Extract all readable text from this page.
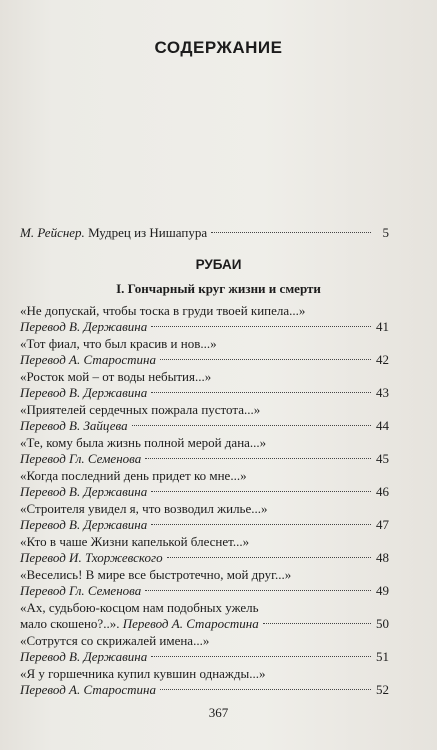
СОДЕРЖАНИЕ
М. Рейснер. Мудрец из Нишапура	5
РУБАИ
I. Гончарный круг жизни и смерти
«Не допускай, чтобы тоска в груди твоей кипела...»
Перевод В. Державина	41
«Тот фиал, что был красив и нов...»
Перевод А. Старостина	42
«Росток мой – от воды небытия...»
Перевод В. Державина	43
«Приятелей сердечных пожрала пустота...»
Перевод В. Зайцева	44
«Те, кому была жизнь полной мерой дана...»
Перевод Гл. Семенова	45
«Когда последний день придет ко мне...»
Перевод В. Державина	46
«Строителя увидел я, что возводил жилье...»
Перевод В. Державина	47
«Кто в чаше Жизни капелькой блеснет...»
Перевод И. Тхоржевского	48
«Веселись! В мире все быстротечно, мой друг...»
Перевод Гл. Семенова	49
«Ах, судьбою-косцом нам подобных ужель
мало скошено?..». Перевод А. Старостина	50
«Сотрутся со скрижалей имена...»
Перевод В. Державина	51
«Я у горшечника купил кувшин однажды...»
Перевод А. Старостина	52
367
